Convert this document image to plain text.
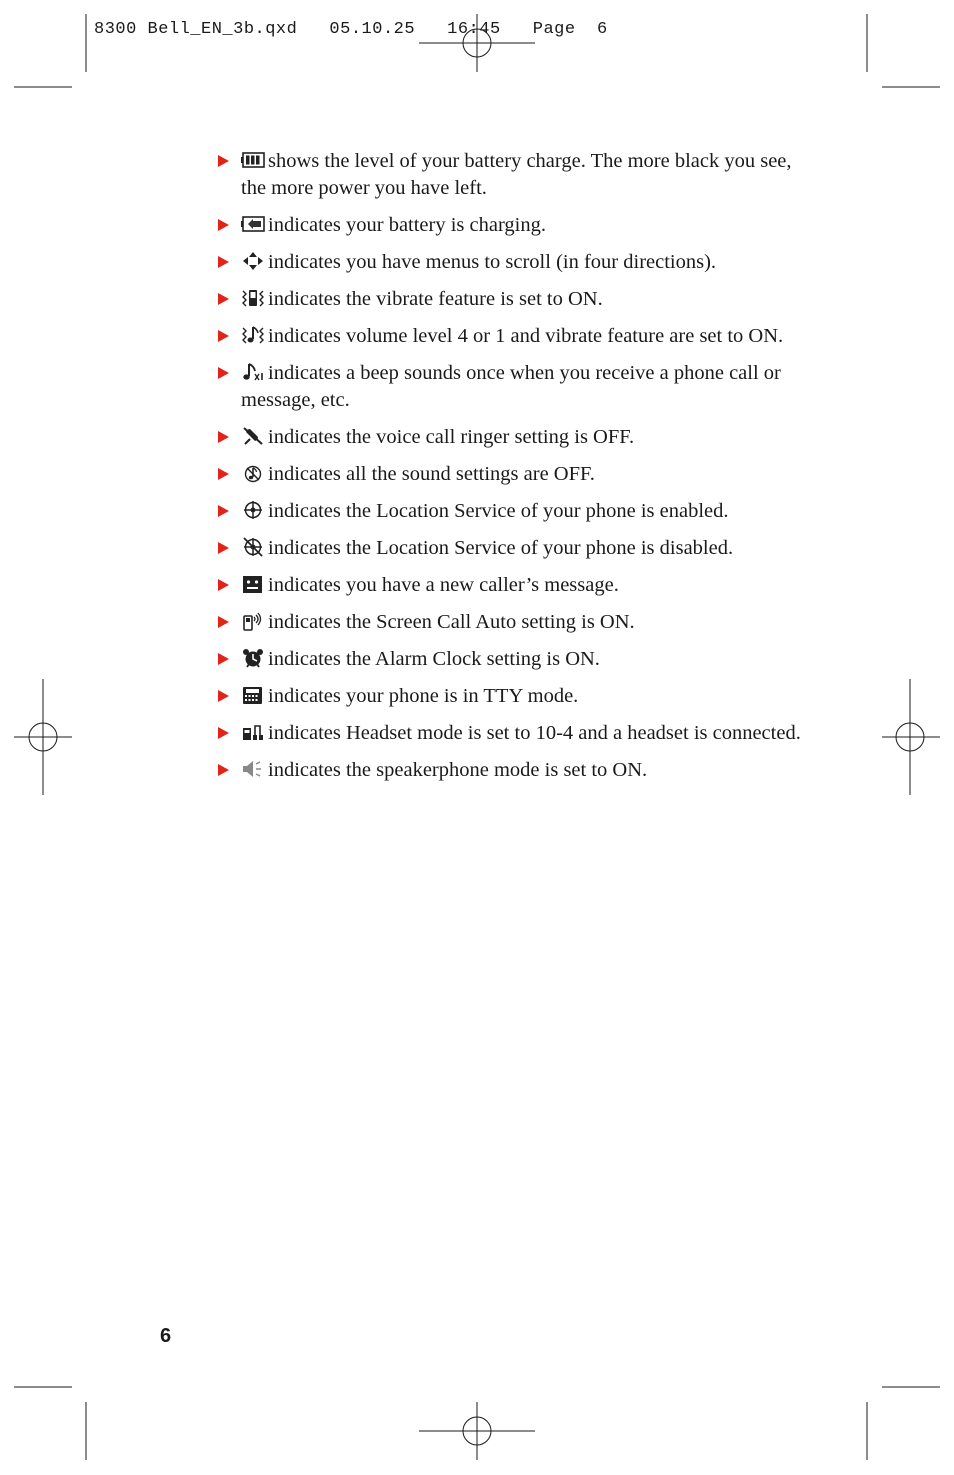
8300 Bell_EN_3b.qxd   05.10.25   16:45   Page  6
shows the level of your battery charge. The more black you see, the more power you have left.
indicates your battery is charging.
indicates you have menus to scroll (in four directions).
indicates the vibrate feature is set to ON.
indicates volume level 4 or 1 and vibrate feature are set to ON.
indicates a beep sounds once when you receive a phone call or message, etc.
indicates the voice call ringer setting is OFF.
indicates all the sound settings are OFF.
indicates the Location Service of your phone is enabled.
indicates the Location Service of your phone is disabled.
indicates you have a new caller’s message.
indicates the Screen Call Auto setting is ON.
indicates the Alarm Clock setting is ON.
indicates your phone is in TTY mode.
indicates Headset mode is set to 10-4 and a headset is connected.
indicates the speakerphone mode is set to ON.
6
